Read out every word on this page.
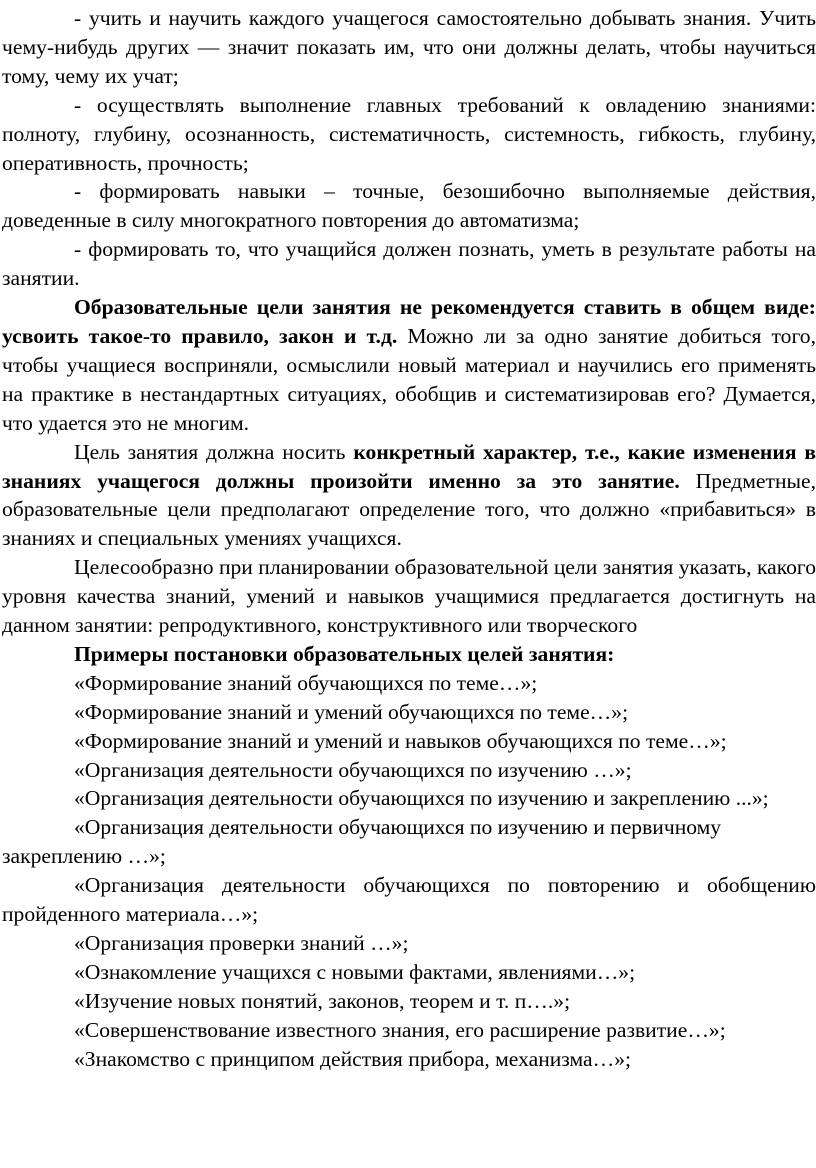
- учить и научить каждого учащегося самостоятельно добывать знания. Учить чему-нибудь других — значит показать им, что они должны делать, чтобы научиться тому, чему их учат;

- осуществлять выполнение главных требований к овладению знаниями: полноту, глубину, осознанность, систематичность, системность, гибкость, глубину, оперативность, прочность;

- формировать навыки – точные, безошибочно выполняемые действия, доведенные в силу многократного повторения до автоматизма;

- формировать то, что учащийся должен познать, уметь в результате работы на занятии.

Образовательные цели занятия не рекомендуется ставить в общем виде: усвоить такое-то правило, закон и т.д. Можно ли за одно занятие добиться того, чтобы учащиеся восприняли, осмыслили новый материал и научились его применять на практике в нестандартных ситуациях, обобщив и систематизировав его? Думается, что удается это не многим.

Цель занятия должна носить конкретный характер, т.е., какие изменения в знаниях учащегося должны произойти именно за это занятие. Предметные, образовательные цели предполагают определение того, что должно «прибавиться» в знаниях и специальных умениях учащихся.

Целесообразно при планировании образовательной цели занятия указать, какого уровня качества знаний, умений и навыков учащимися предлагается достигнуть на данном занятии: репродуктивного, конструктивного или творческого

Примеры постановки образовательных целей занятия:

«Формирование знаний обучающихся по теме…»;

«Формирование знаний и умений обучающихся по теме…»;

«Формирование знаний и умений и навыков обучающихся по теме…»;

«Организация деятельности обучающихся по изучению …»;

«Организация деятельности обучающихся по изучению и закреплению ...»;

«Организация деятельности обучающихся по изучению и первичному закреплению …»;

«Организация деятельности обучающихся по повторению и обобщению пройденного материала…»;

«Организация проверки знаний …»;

«Ознакомление учащихся с новыми фактами, явлениями…»;

«Изучение новых понятий, законов, теорем и т. п….»;

«Совершенствование известного знания, его расширение развитие…»;

«Знакомство с принципом действия прибора, механизма…»;
